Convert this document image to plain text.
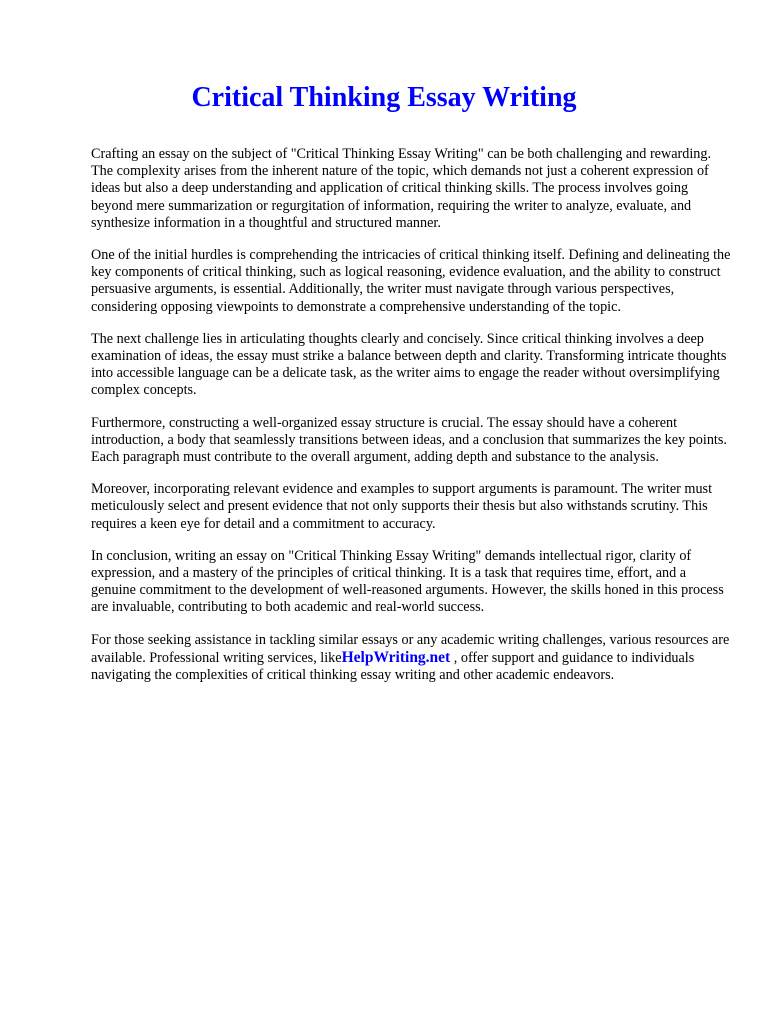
Critical Thinking Essay Writing

Crafting an essay on the subject of "Critical Thinking Essay Writing" can be both challenging and rewarding. The complexity arises from the inherent nature of the topic, which demands not just a coherent expression of ideas but also a deep understanding and application of critical thinking skills. The process involves going beyond mere summarization or regurgitation of information, requiring the writer to analyze, evaluate, and synthesize information in a thoughtful and structured manner.

One of the initial hurdles is comprehending the intricacies of critical thinking itself. Defining and delineating the key components of critical thinking, such as logical reasoning, evidence evaluation, and the ability to construct persuasive arguments, is essential. Additionally, the writer must navigate through various perspectives, considering opposing viewpoints to demonstrate a comprehensive understanding of the topic.

The next challenge lies in articulating thoughts clearly and concisely. Since critical thinking involves a deep examination of ideas, the essay must strike a balance between depth and clarity. Transforming intricate thoughts into accessible language can be a delicate task, as the writer aims to engage the reader without oversimplifying complex concepts.

Furthermore, constructing a well-organized essay structure is crucial. The essay should have a coherent introduction, a body that seamlessly transitions between ideas, and a conclusion that summarizes the key points. Each paragraph must contribute to the overall argument, adding depth and substance to the analysis.

Moreover, incorporating relevant evidence and examples to support arguments is paramount. The writer must meticulously select and present evidence that not only supports their thesis but also withstands scrutiny. This requires a keen eye for detail and a commitment to accuracy.

In conclusion, writing an essay on "Critical Thinking Essay Writing" demands intellectual rigor, clarity of expression, and a mastery of the principles of critical thinking. It is a task that requires time, effort, and a genuine commitment to the development of well-reasoned arguments. However, the skills honed in this process are invaluable, contributing to both academic and real-world success.

For those seeking assistance in tackling similar essays or any academic writing challenges, various resources are available. Professional writing services, likeHelpWriting.net , offer support and guidance to individuals navigating the complexities of critical thinking essay writing and other academic endeavors.
